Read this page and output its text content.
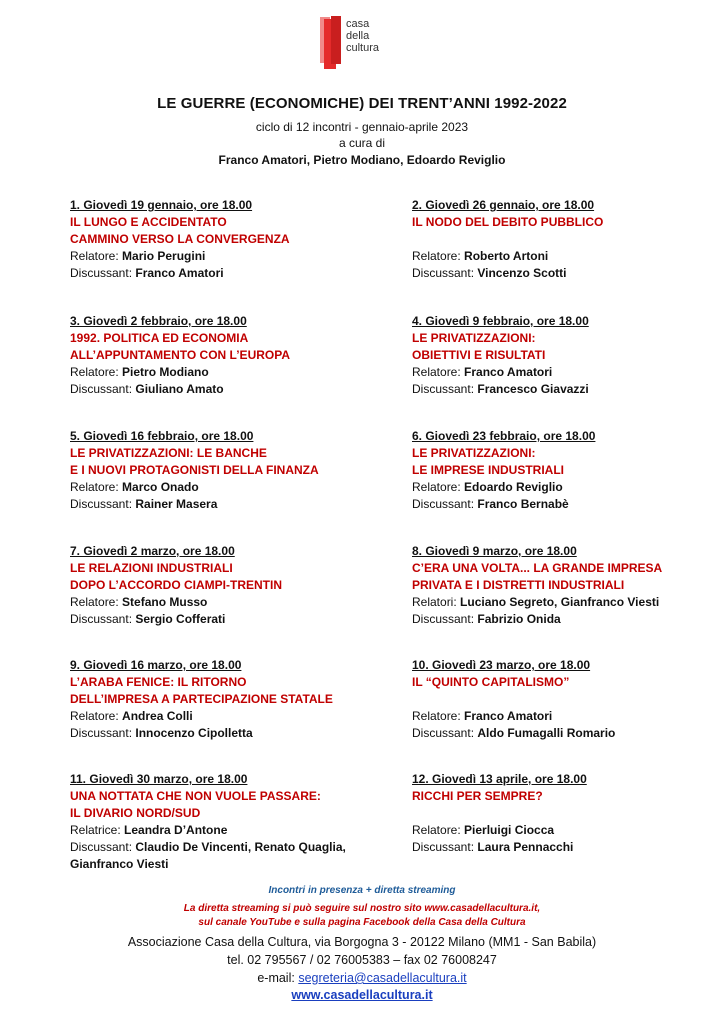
casa
della
cultura
LE GUERRE (ECONOMICHE) DEI TRENT’ANNI 1992-2022
ciclo di 12 incontri - gennaio-aprile 2023
a cura di
Franco Amatori, Pietro Modiano, Edoardo Reviglio
1. Giovedì 19 gennaio, ore 18.00
IL LUNGO E ACCIDENTATO
CAMMINO VERSO LA CONVERGENZA
Relatore: Mario Perugini
Discussant: Franco Amatori
2. Giovedì 26 gennaio, ore 18.00
IL NODO DEL DEBITO PUBBLICO
Relatore: Roberto Artoni
Discussant: Vincenzo Scotti
3. Giovedì 2 febbraio, ore 18.00
1992. POLITICA ED ECONOMIA
ALL’APPUNTAMENTO CON L’EUROPA
Relatore: Pietro Modiano
Discussant: Giuliano Amato
4. Giovedì 9 febbraio, ore 18.00
LE PRIVATIZZAZIONI:
OBIETTIVI E RISULTATI
Relatore: Franco Amatori
Discussant: Francesco Giavazzi
5. Giovedì 16 febbraio, ore 18.00
LE PRIVATIZZAZIONI: LE BANCHE
E I NUOVI PROTAGONISTI DELLA FINANZA
Relatore: Marco Onado
Discussant: Rainer Masera
6. Giovedì 23 febbraio, ore 18.00
LE PRIVATIZZAZIONI:
LE IMPRESE INDUSTRIALI
Relatore: Edoardo Reviglio
Discussant: Franco Bernabè
7. Giovedì 2 marzo, ore 18.00
LE RELAZIONI INDUSTRIALI
DOPO L’ACCORDO CIAMPI-TRENTIN
Relatore: Stefano Musso
Discussant: Sergio Cofferati
8. Giovedì 9 marzo, ore 18.00
C’ERA UNA VOLTA... LA GRANDE IMPRESA
PRIVATA E I DISTRETTI INDUSTRIALI
Relatori: Luciano Segreto, Gianfranco Viesti
Discussant: Fabrizio Onida
9. Giovedì 16 marzo, ore 18.00
L’ARABA FENICE: IL RITORNO
DELL’IMPRESA A PARTECIPAZIONE STATALE
Relatore: Andrea Colli
Discussant: Innocenzo Cipolletta
10. Giovedì 23 marzo, ore 18.00
IL “QUINTO CAPITALISMO”
Relatore: Franco Amatori
Discussant: Aldo Fumagalli Romario
11. Giovedì 30 marzo, ore 18.00
UNA NOTTATA CHE NON VUOLE PASSARE:
IL DIVARIO NORD/SUD
Relatrice: Leandra D’Antone
Discussant: Claudio De Vincenti, Renato Quaglia,
Gianfranco Viesti
12. Giovedì 13 aprile, ore 18.00
RICCHI PER SEMPRE?
Relatore: Pierluigi Ciocca
Discussant: Laura Pennacchi
Incontri in presenza + diretta streaming
La diretta streaming si può seguire sul nostro sito www.casadellacultura.it,
sul canale YouTube e sulla pagina Facebook della Casa della Cultura
Associazione Casa della Cultura, via Borgogna 3 - 20122 Milano (MM1 - San Babila)
tel. 02 795567 / 02 76005383 – fax 02 76008247
e-mail: segreteria@casadellacultura.it
www.casadellacultura.it
